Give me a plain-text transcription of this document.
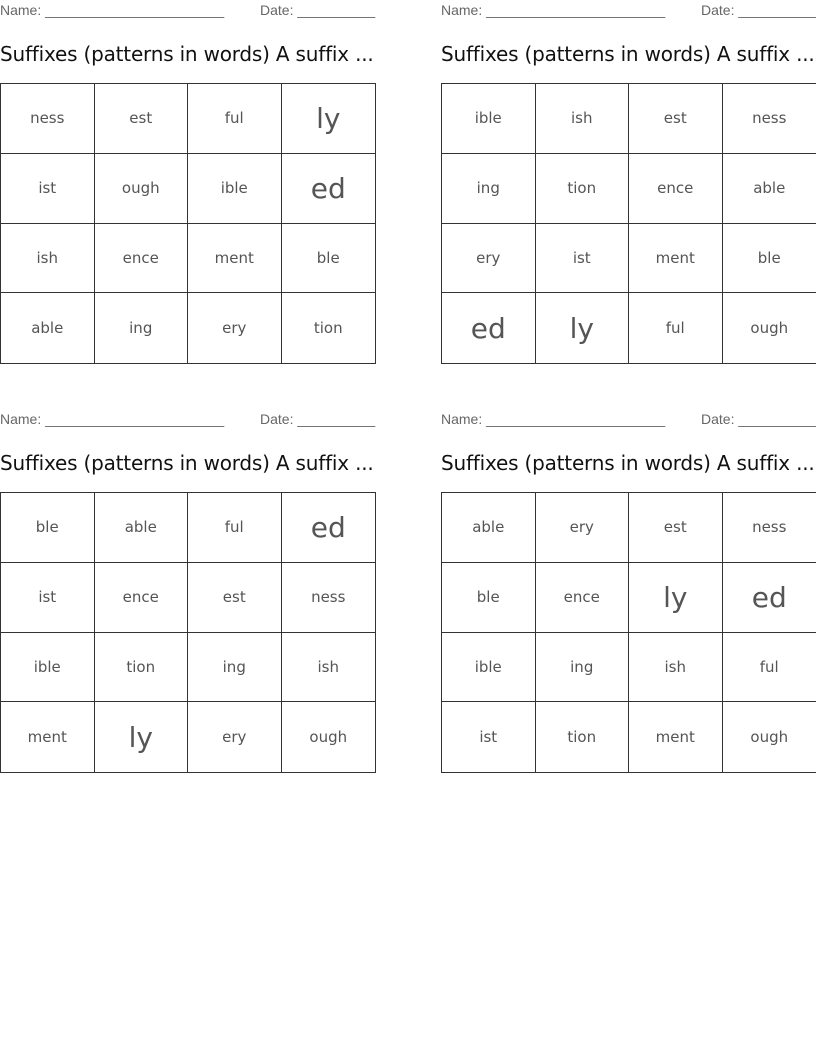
Name: _______________________	Date: __________
Suffixes (patterns in words) A suffix ...
ness	est	ful	ly
ist	ough	ible	ed
ish	ence	ment	ble
able	ing	ery	tion
Name: _______________________	Date: __________
Suffixes (patterns in words) A suffix ...
ible	ish	est	ness
ing	tion	ence	able
ery	ist	ment	ble
ed	ly	ful	ough
Name: _______________________	Date: __________
Suffixes (patterns in words) A suffix ...
ble	able	ful	ed
ist	ence	est	ness
ible	tion	ing	ish
ment	ly	ery	ough
Name: _______________________	Date: __________
Suffixes (patterns in words) A suffix ...
able	ery	est	ness
ble	ence	ly	ed
ible	ing	ish	ful
ist	tion	ment	ough
